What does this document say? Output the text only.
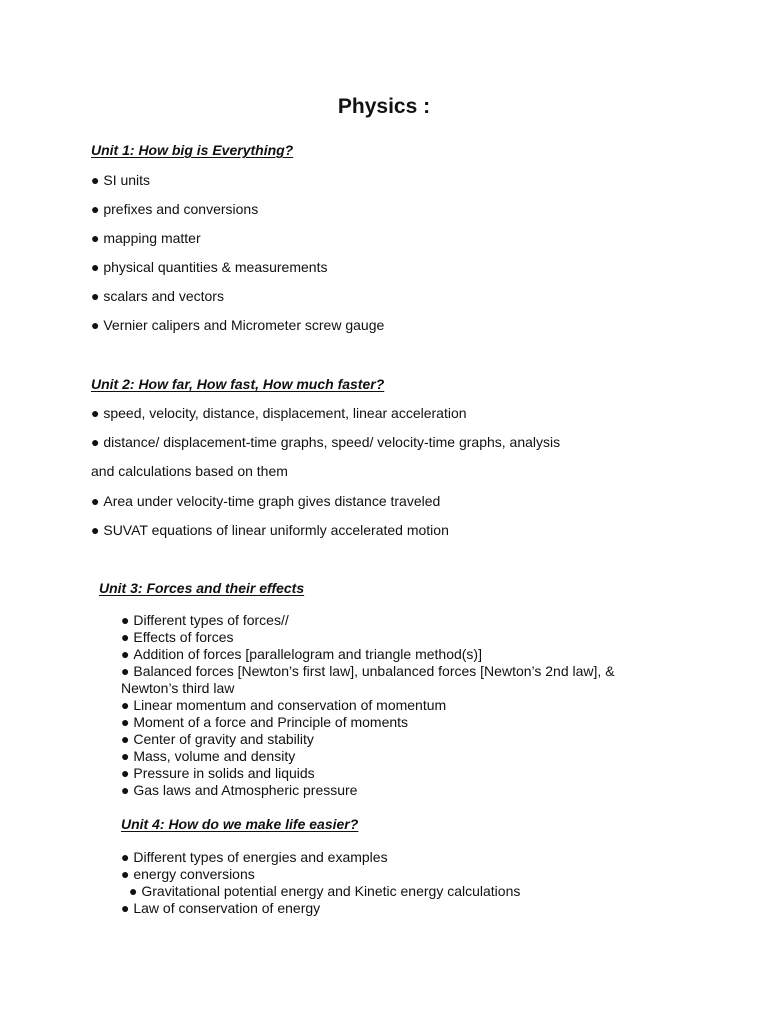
Physics :
Unit 1: How big is Everything?
● SI units
● prefixes and conversions
● mapping matter
● physical quantities & measurements
● scalars and vectors
● Vernier calipers and Micrometer screw gauge
Unit 2: How far, How fast, How much faster?
● speed, velocity, distance, displacement, linear acceleration
● distance/ displacement-time graphs, speed/ velocity-time graphs, analysis
and calculations based on them
● Area under velocity-time graph gives distance traveled
● SUVAT equations of linear uniformly accelerated motion
Unit 3: Forces and their effects
● Different types of forces//
● Effects of forces
● Addition of forces [parallelogram and triangle method(s)]
● Balanced forces [Newton’s first law], unbalanced forces [Newton’s 2nd law], &
Newton’s third law
● Linear momentum and conservation of momentum
● Moment of a force and Principle of moments
● Center of gravity and stability
● Mass, volume and density
● Pressure in solids and liquids
● Gas laws and Atmospheric pressure
Unit 4: How do we make life easier?
● Different types of energies and examples
● energy conversions
● Gravitational potential energy and Kinetic energy calculations
● Law of conservation of energy
